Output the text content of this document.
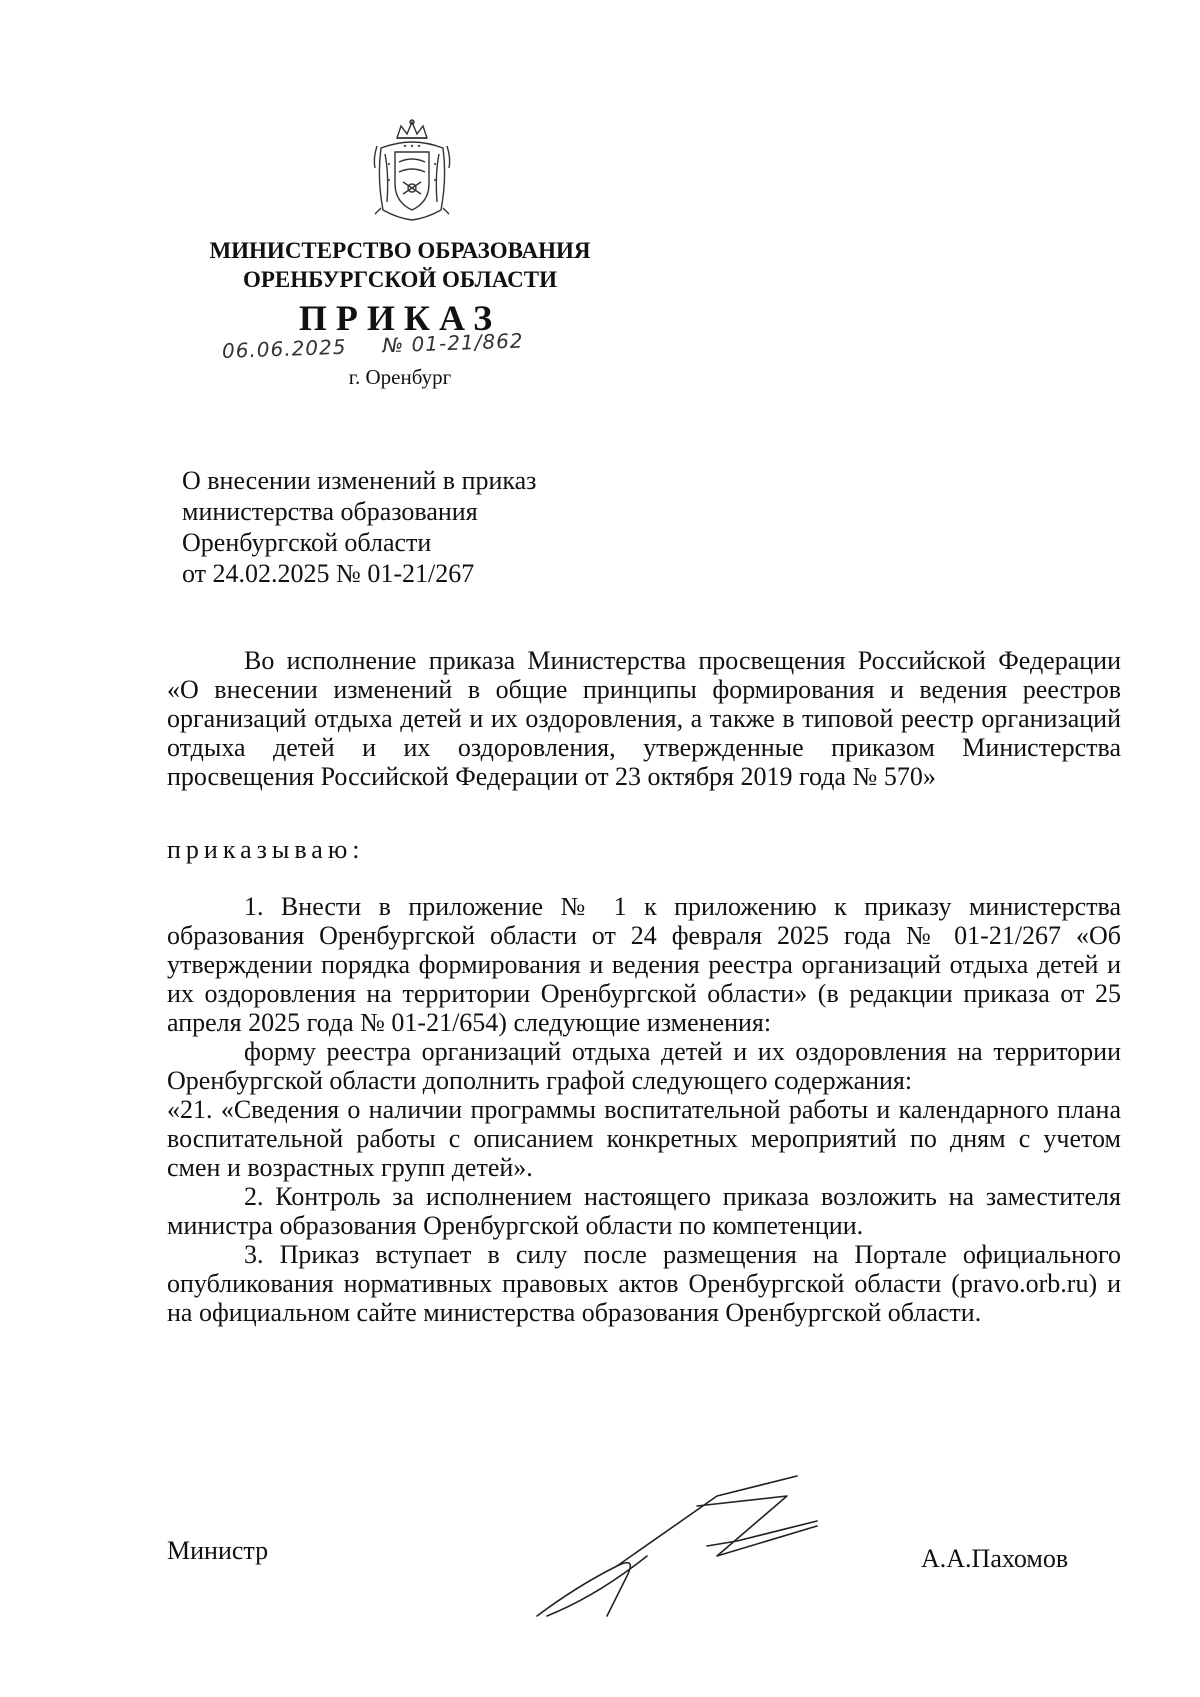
МИНИСТЕРСТВО ОБРАЗОВАНИЯ
ОРЕНБУРГСКОЙ ОБЛАСТИ
ПРИКАЗ
06.06.2025 № 01-21/862
г. Оренбург
О внесении изменений в приказ
министерства образования
Оренбургской области
от 24.02.2025 № 01-21/267

Во исполнение приказа Министерства просвещения Российской Федерации «О внесении изменений в общие принципы формирования и ведения реестров организаций отдыха детей и их оздоровления, а также в типовой реестр организаций отдыха детей и их оздоровления, утвержденные приказом Министерства просвещения Российской Федерации от 23 октября 2019 года № 570»

приказываю:

1. Внести в приложение № 1 к приложению к приказу министерства образования Оренбургской области от 24 февраля 2025 года № 01-21/267 «Об утверждении порядка формирования и ведения реестра организаций отдыха детей и их оздоровления на территории Оренбургской области» (в редакции приказа от 25 апреля 2025 года № 01-21/654) следующие изменения:

форму реестра организаций отдыха детей и их оздоровления на территории Оренбургской области дополнить графой следующего содержания:

«21. «Сведения о наличии программы воспитательной работы и календарного плана воспитательной работы с описанием конкретных мероприятий по дням с учетом смен и возрастных групп детей».

2. Контроль за исполнением настоящего приказа возложить на заместителя министра образования Оренбургской области по компетенции.

3. Приказ вступает в силу после размещения на Портале официального опубликования нормативных правовых актов Оренбургской области (pravo.orb.ru) и на официальном сайте министерства образования Оренбургской области.

Министр	А.А.Пахомов
